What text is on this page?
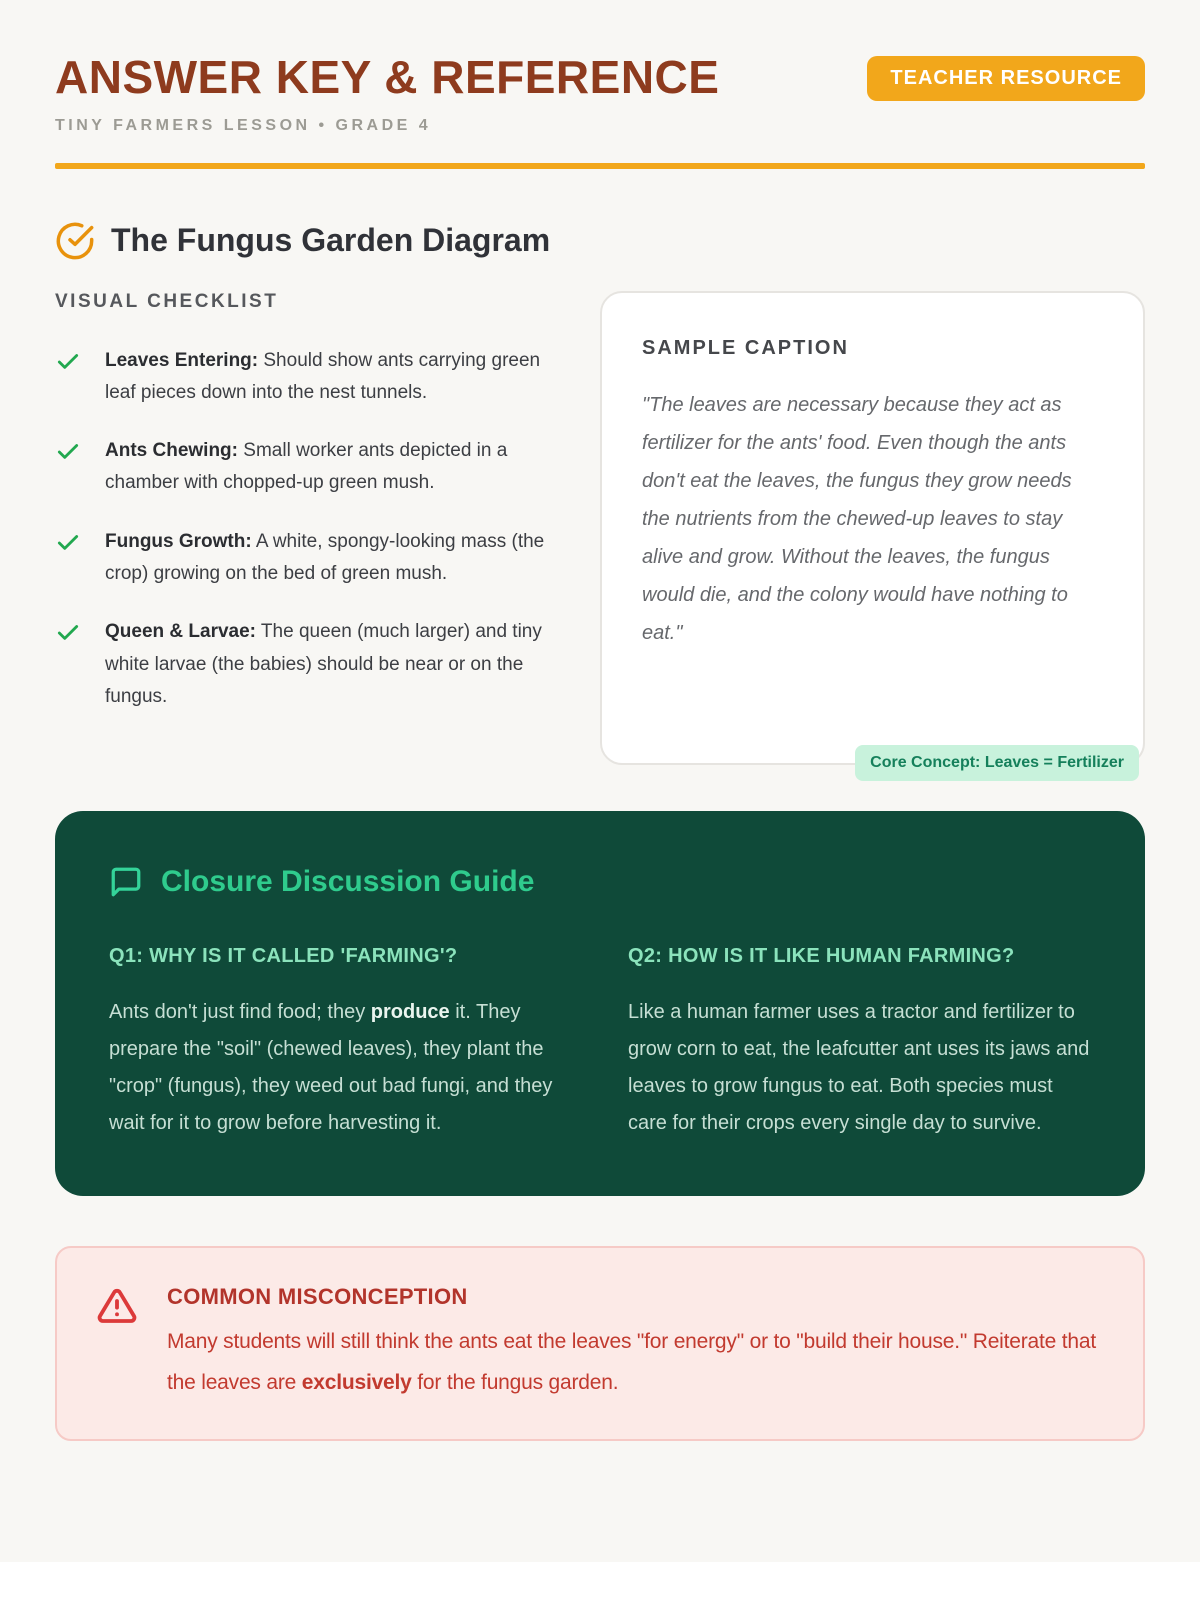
ANSWER KEY & REFERENCE
TINY FARMERS LESSON • GRADE 4
TEACHER RESOURCE
The Fungus Garden Diagram
VISUAL CHECKLIST
Leaves Entering: Should show ants carrying green leaf pieces down into the nest tunnels.
Ants Chewing: Small worker ants depicted in a chamber with chopped-up green mush.
Fungus Growth: A white, spongy-looking mass (the crop) growing on the bed of green mush.
Queen & Larvae: The queen (much larger) and tiny white larvae (the babies) should be near or on the fungus.
SAMPLE CAPTION
"The leaves are necessary because they act as fertilizer for the ants' food. Even though the ants don't eat the leaves, the fungus they grow needs the nutrients from the chewed-up leaves to stay alive and grow. Without the leaves, the fungus would die, and the colony would have nothing to eat."
Core Concept: Leaves = Fertilizer
Closure Discussion Guide
Q1: WHY IS IT CALLED 'FARMING'?
Ants don't just find food; they produce it. They prepare the "soil" (chewed leaves), they plant the "crop" (fungus), they weed out bad fungi, and they wait for it to grow before harvesting it.
Q2: HOW IS IT LIKE HUMAN FARMING?
Like a human farmer uses a tractor and fertilizer to grow corn to eat, the leafcutter ant uses its jaws and leaves to grow fungus to eat. Both species must care for their crops every single day to survive.
COMMON MISCONCEPTION
Many students will still think the ants eat the leaves "for energy" or to "build their house." Reiterate that the leaves are exclusively for the fungus garden.
